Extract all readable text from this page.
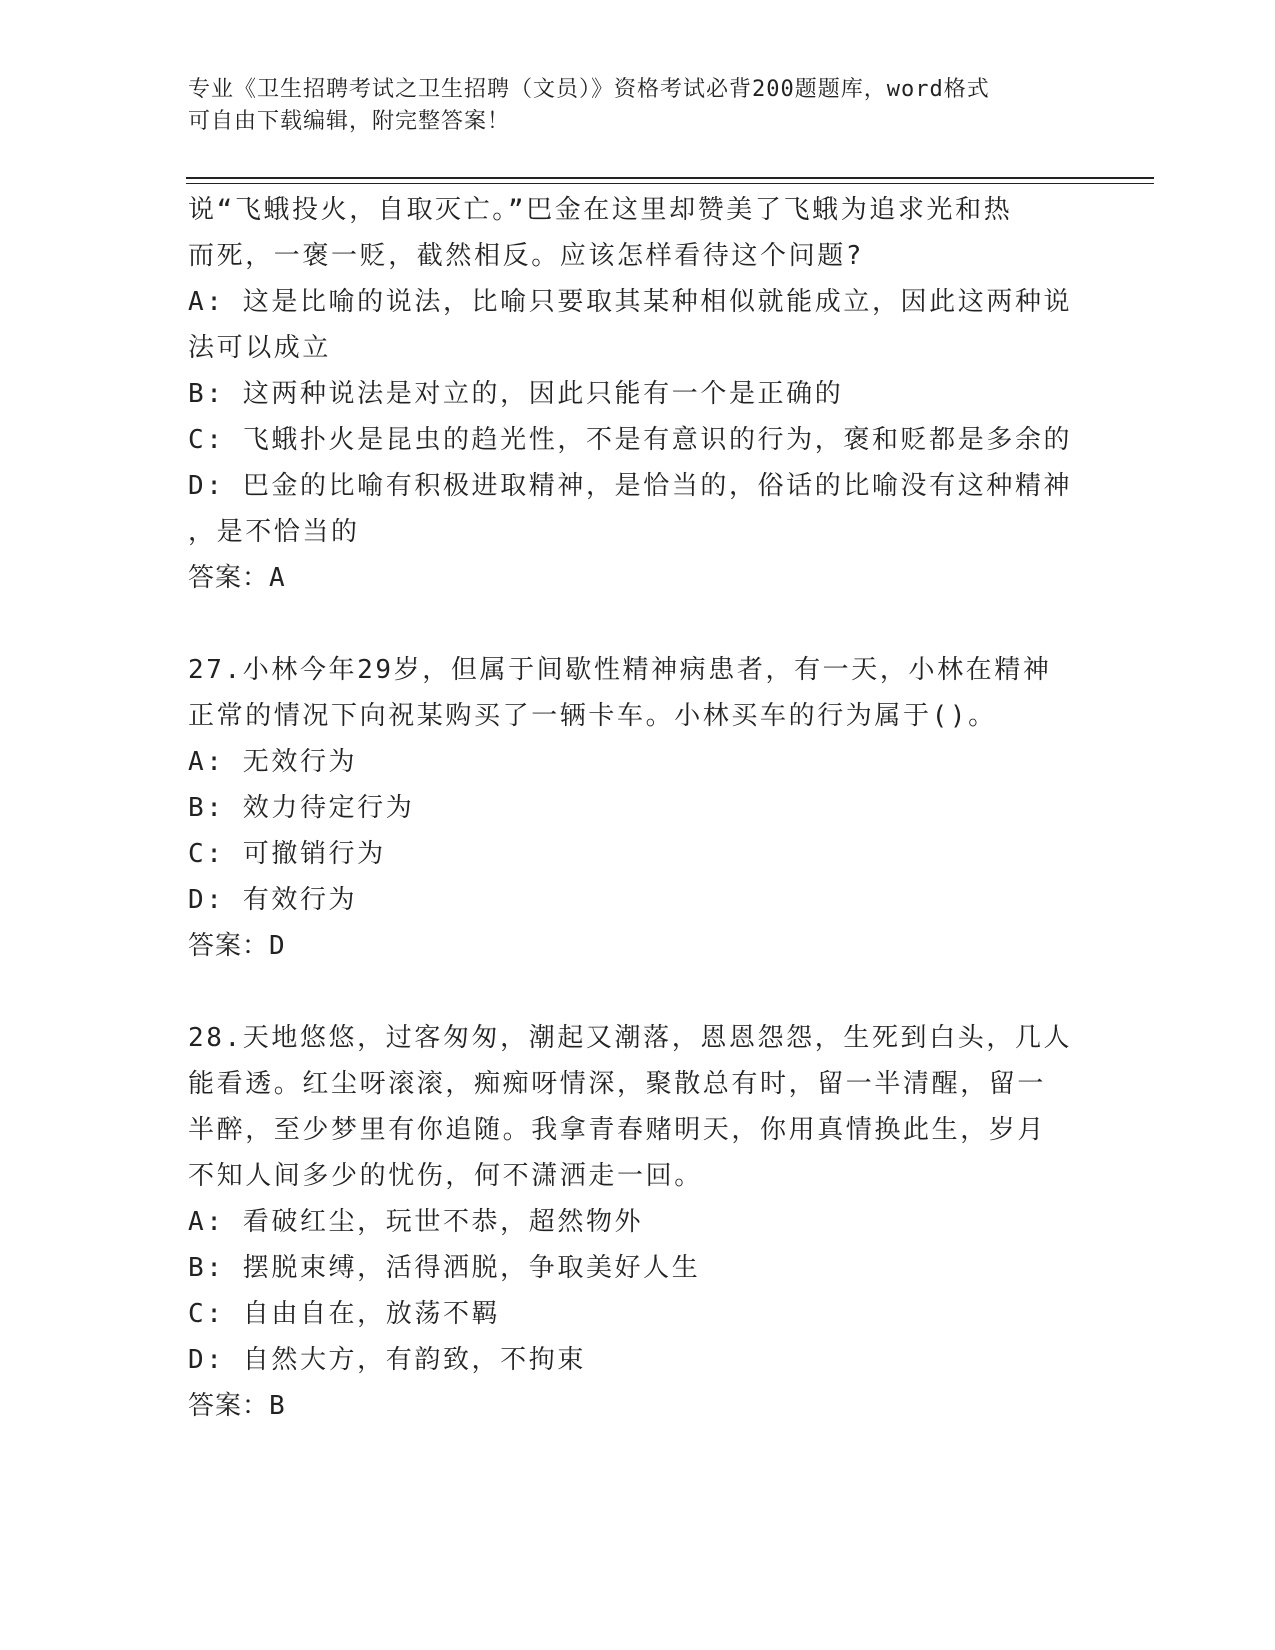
专业《卫生招聘考试之卫生招聘（文员）》资格考试必背200题题库，word格式
可自由下载编辑，附完整答案！
说“飞蛾投火，自取灭亡。”巴金在这里却赞美了飞蛾为追求光和热
而死，一褒一贬，截然相反。应该怎样看待这个问题?
A: 这是比喻的说法，比喻只要取其某种相似就能成立，因此这两种说
法可以成立
B: 这两种说法是对立的，因此只能有一个是正确的
C: 飞蛾扑火是昆虫的趋光性，不是有意识的行为，褒和贬都是多余的
D: 巴金的比喻有积极进取精神，是恰当的，俗话的比喻没有这种精神
，是不恰当的
答案：A
27.小林今年29岁，但属于间歇性精神病患者，有一天，小林在精神
正常的情况下向祝某购买了一辆卡车。小林买车的行为属于()。
A: 无效行为
B: 效力待定行为
C: 可撤销行为
D: 有效行为
答案：D
28.天地悠悠，过客匆匆，潮起又潮落，恩恩怨怨，生死到白头，几人
能看透。红尘呀滚滚，痴痴呀情深，聚散总有时，留一半清醒，留一
半醉，至少梦里有你追随。我拿青春赌明天，你用真情换此生，岁月
不知人间多少的忧伤，何不潇洒走一回。
A: 看破红尘，玩世不恭，超然物外
B: 摆脱束缚，活得洒脱，争取美好人生
C: 自由自在，放荡不羁
D: 自然大方，有韵致，不拘束
答案：B
